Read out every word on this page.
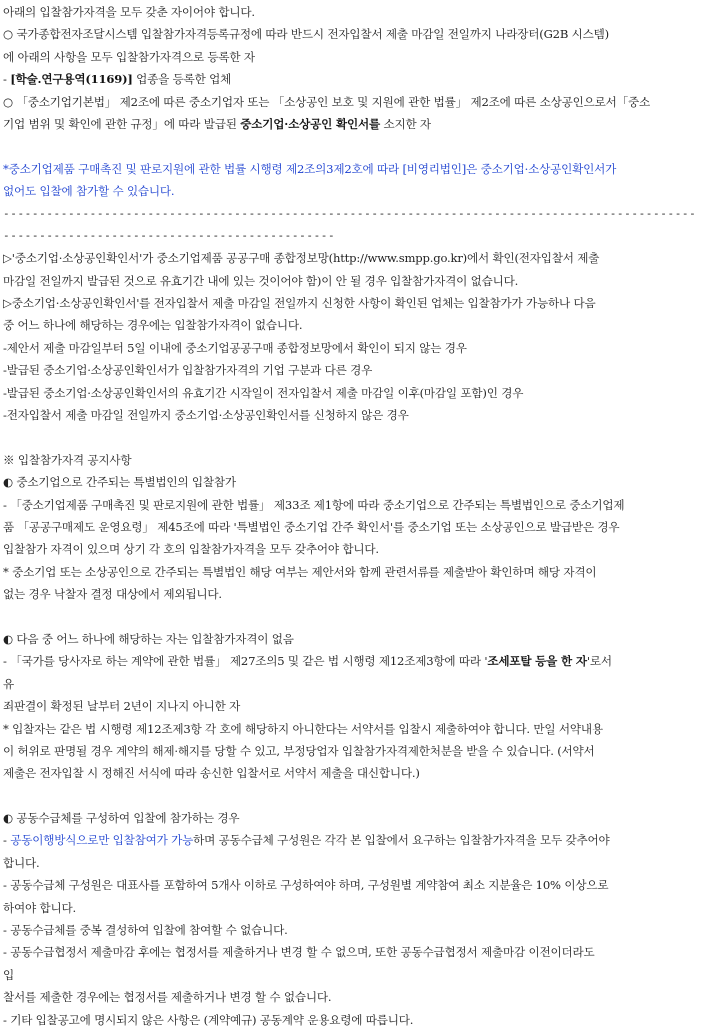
아래의 입찰참가자격을 모두 갖춘 자이어야 합니다.
○ 국가종합전자조달시스템 입찰참가자격등록규정에 따라 반드시 전자입찰서 제출 마감일 전일까지 나라장터(G2B 시스템)
에 아래의 사항을 모두 입찰참가자격으로 등록한 자
- [학술.연구용역(1169)] 업종을 등록한 업체
○ 「중소기업기본법」 제2조에 따른 중소기업자 또는 「소상공인 보호 및 지원에 관한 법률」 제2조에 따른 소상공인으로서「중소
기업 범위 및 확인에 관한 규정」에 따라 발급된 중소기업·소상공인 확인서를 소지한 자
*중소기업제품 구매촉진 및 판로지원에 관한 법률 시행령 제2조의3제2호에 따라 [비영리법인]은 중소기업·소상공인확인서가
없어도 입찰에 참가할 수 있습니다.
------------------------------------------------------------------------------------------------
----------------------------------------------
▷'중소기업·소상공인확인서'가 중소기업제품 공공구매 종합정보망(http://www.smpp.go.kr)에서 확인(전자입찰서 제출
마감일 전일까지 발급된 것으로 유효기간 내에 있는 것이어야 함)이 안 될 경우 입찰참가자격이 없습니다.
▷중소기업·소상공인확인서'를 전자입찰서 제출 마감일 전일까지 신청한 사항이 확인된 업체는 입찰참가가 가능하나 다음
중 어느 하나에 해당하는 경우에는 입찰참가자격이 없습니다.
-제안서 제출 마감일부터 5일 이내에 중소기업공공구매 종합정보망에서 확인이 되지 않는 경우
-발급된 중소기업·소상공인확인서가 입찰참가자격의 기업 구분과 다른 경우
-발급된 중소기업·소상공인확인서의 유효기간 시작일이 전자입찰서 제출 마감일 이후(마감일 포함)인 경우
-전자입찰서 제출 마감일 전일까지 중소기업·소상공인확인서를 신청하지 않은 경우
※ 입찰참가자격 공지사항
◐ 중소기업으로 간주되는 특별법인의 입찰참가
- 「중소기업제품 구매촉진 및 판로지원에 관한 법률」 제33조 제1항에 따라 중소기업으로 간주되는 특별법인으로 중소기업제
품 「공공구매제도 운영요령」 제45조에 따라 '특별법인 중소기업 간주 확인서'를 중소기업 또는 소상공인으로 발급받은 경우
입찰참가 자격이 있으며 상기 각 호의 입찰참가자격을 모두 갖추어야 합니다.
* 중소기업 또는 소상공인으로 간주되는 특별법인 해당 여부는 제안서와 함께 관련서류를 제출받아 확인하며 해당 자격이
없는 경우 낙찰자 결정 대상에서 제외됩니다.
◐ 다음 중 어느 하나에 해당하는 자는 입찰참가자격이 없음
- 「국가를 당사자로 하는 계약에 관한 법률」 제27조의5 및 같은 법 시행령 제12조제3항에 따라 '조세포탈 등을 한 자'로서
유
죄판결이 확정된 날부터 2년이 지나지 아니한 자
* 입찰자는 같은 법 시행령 제12조제3항 각 호에 해당하지 아니한다는 서약서를 입찰시 제출하여야 합니다. 만일 서약내용
이 허위로 판명될 경우 계약의 해제·해지를 당할 수 있고, 부정당업자 입찰참가자격제한처분을 받을 수 있습니다. (서약서
제출은 전자입찰 시 정해진 서식에 따라 송신한 입찰서로 서약서 제출을 대신합니다.)
◐ 공동수급체를 구성하여 입찰에 참가하는 경우
- 공동이행방식으로만 입찰참여가 가능하며 공동수급체 구성원은 각각 본 입찰에서 요구하는 입찰참가자격을 모두 갖추어야
합니다.
- 공동수급체 구성원은 대표사를 포함하여 5개사 이하로 구성하여야 하며, 구성원별 계약참여 최소 지분율은 10% 이상으로
하여야 합니다.
- 공동수급체를 중복 결성하여 입찰에 참여할 수 없습니다.
- 공동수급협정서 제출마감 후에는 협정서를 제출하거나 변경 할 수 없으며, 또한 공동수급협정서 제출마감 이전이더라도
입
찰서를 제출한 경우에는 협정서를 제출하거나 변경 할 수 없습니다.
- 기타 입찰공고에 명시되지 않은 사항은 (계약예규) 공동계약 운용요령에 따릅니다.
